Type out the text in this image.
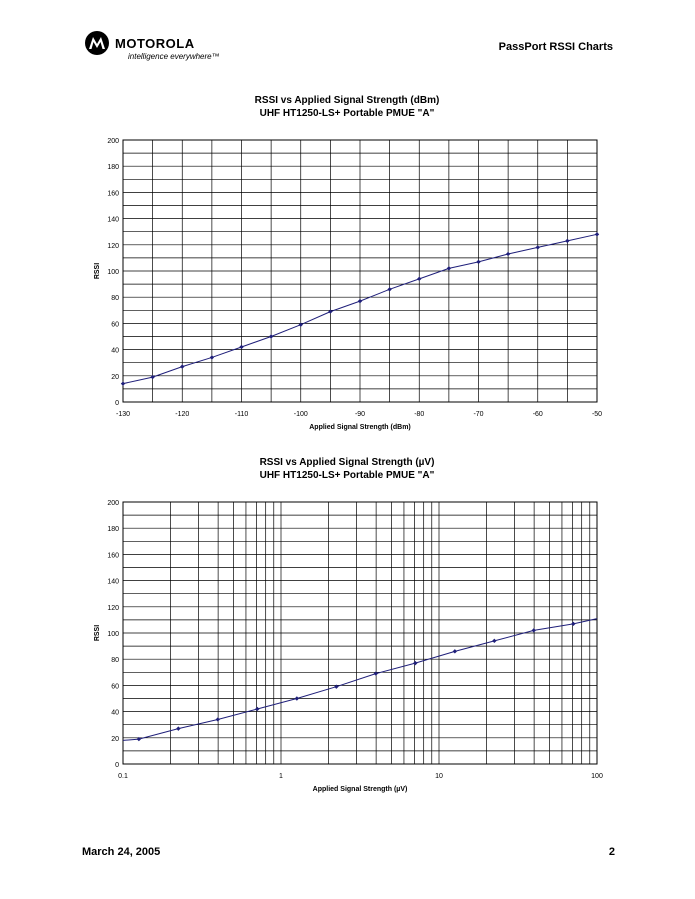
MOTOROLA
intelligence everywhere™
PassPort RSSI Charts
RSSI vs Applied Signal Strength (dBm)
UHF HT1250-LS+ Portable PMUE "A"
0
20
40
60
80
100
120
140
160
180
200
-130	-120	-110	-100	-90	-80	-70	-60	-50
Applied Signal Strength (dBm)
RSSI
RSSI vs Applied Signal Strength (µV)
UHF HT1250-LS+ Portable PMUE "A"
0
20
40
60
80
100
120
140
160
180
200
0.1	1	10	100
Applied Signal Strength (µV)
RSSI
March 24, 2005	2
